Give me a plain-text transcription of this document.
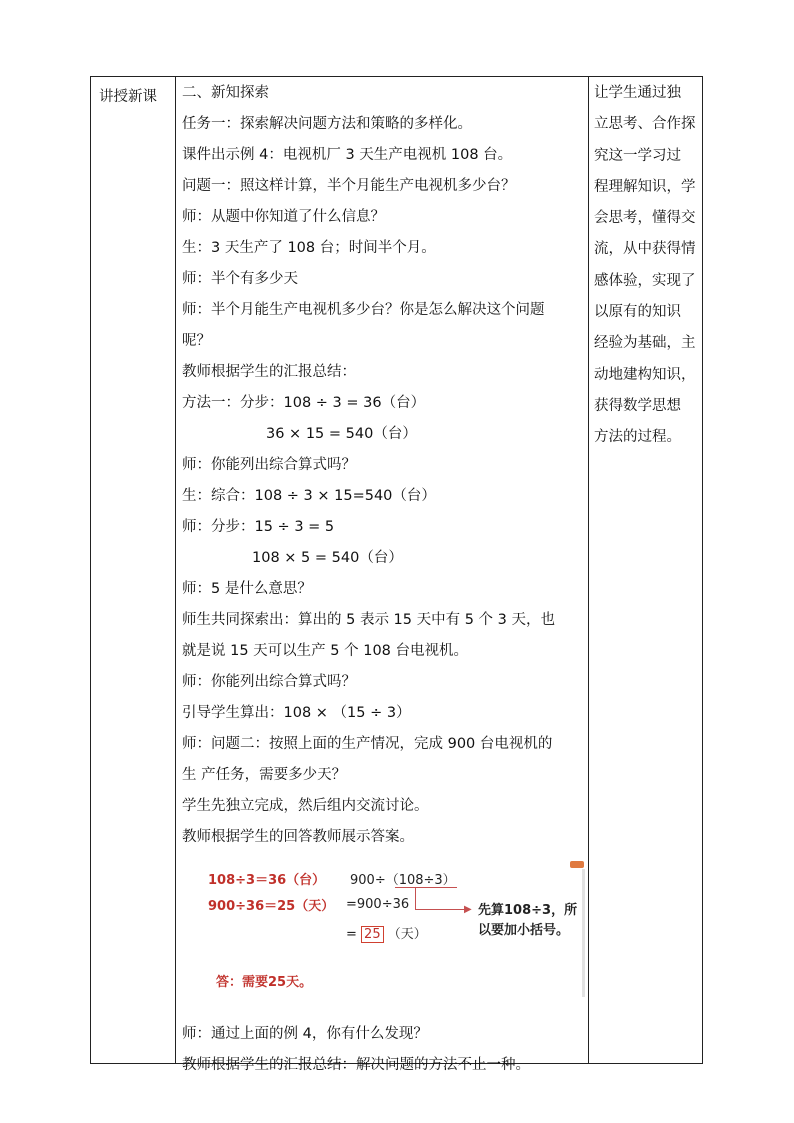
讲授新课	二、新知探索
任务一：探索解决问题方法和策略的多样化。
课件出示例 4：电视机厂 3 天生产电视机 108 台。
问题一：照这样计算，半个月能生产电视机多少台？
师：从题中你知道了什么信息？
生：3 天生产了 108 台；时间半个月。
师：半个有多少天
师：半个月能生产电视机多少台？你是怎么解决这个问题
呢？
教师根据学生的汇报总结：
方法一：分步：108 ÷ 3 = 36（台）
36 × 15 = 540（台）
师：你能列出综合算式吗？
生：综合：108 ÷ 3 × 15=540（台）
师：分步：15 ÷ 3 = 5
108 × 5 = 540（台）
师：5 是什么意思？
师生共同探索出：算出的 5 表示 15 天中有 5 个 3 天，也
就是说 15 天可以生产 5 个 108 台电视机。
师：你能列出综合算式吗？
引导学生算出：108 × （15 ÷ 3）
师：问题二：按照上面的生产情况，完成 900 台电视机的
生 产任务，需要多少天？
学生先独立完成，然后组内交流讨论。
教师根据学生的回答教师展示答案。
108÷3＝36（台）
900÷36＝25（天）
900÷（108÷3）
▶
=900÷36
= 25 （天）
先算108÷3，所
以要加小括号。
答：需要25天。
师：通过上面的例 4，你有什么发现？
教师根据学生的汇报总结：解决问题的方法不止一种。
让学生通过独
立思考、合作探
究这一学习过
程理解知识，学
会思考，懂得交
流，从中获得情
感体验，实现了
以原有的知识
经验为基础，主
动地建构知识，
获得数学思想
方法的过程。
